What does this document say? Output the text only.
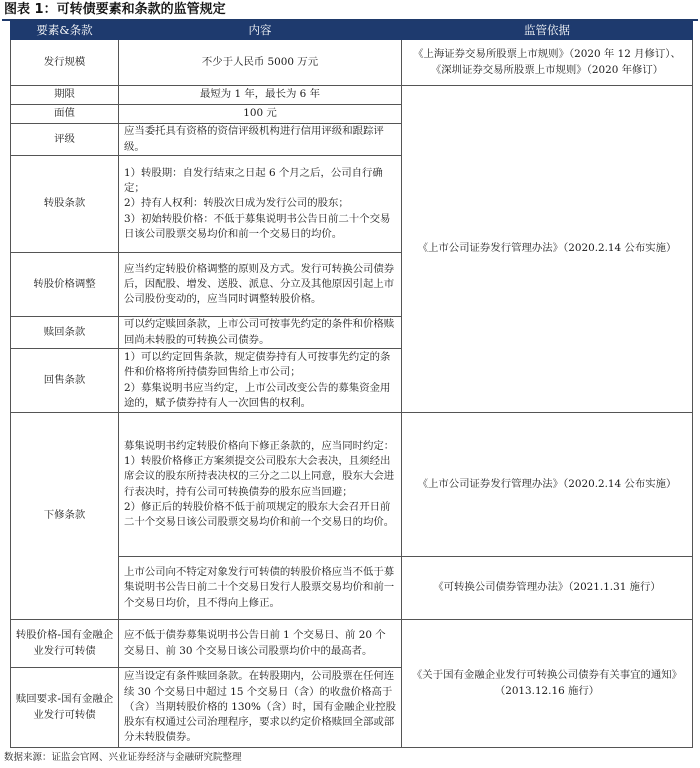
图表 1：可转债要素和条款的监管规定
要素&条款	内容	监管依据
发行规模	不少于人民币 5000 万元	《上海证券交易所股票上市规则》（2020 年 12 月修订）、《深圳证券交易所股票上市规则》（2020 年修订）
期限	最短为 1 年，最长为 6 年	《上市公司证券发行管理办法》（2020.2.14 公布实施）
面值	100 元	
评级	应当委托具有资格的资信评级机构进行信用评级和跟踪评级。	
转股条款	1）转股期：自发行结束之日起 6 个月之后，公司自行确定；
2）持有人权利：转股次日成为发行公司的股东；
3）初始转股价格：不低于募集说明书公告日前二十个交易日该公司股票交易均价和前一个交易日的均价。	
转股价格调整	应当约定转股价格调整的原则及方式。发行可转换公司债券后，因配股、增发、送股、派息、分立及其他原因引起上市公司股份变动的，应当同时调整转股价格。	
赎回条款	可以约定赎回条款，上市公司可按事先约定的条件和价格赎回尚未转股的可转换公司债券。	
回售条款	1）可以约定回售条款，规定债券持有人可按事先约定的条件和价格将所持债券回售给上市公司；
2）募集说明书应当约定，上市公司改变公告的募集资金用途的，赋予债券持有人一次回售的权利。	
下修条款	募集说明书约定转股价格向下修正条款的，应当同时约定：
1）转股价格修正方案须提交公司股东大会表决，且须经出席会议的股东所持表决权的三分之二以上同意，股东大会进行表决时，持有公司可转换债券的股东应当回避；
2）修正后的转股价格不低于前项规定的股东大会召开日前二十个交易日该公司股票交易均价和前一个交易日的均价。	《上市公司证券发行管理办法》（2020.2.14 公布实施）
	上市公司向不特定对象发行可转债的转股价格应当不低于募集说明书公告日前二十个交易日发行人股票交易均价和前一个交易日均价，且不得向上修正。	《可转换公司债券管理办法》（2021.1.31 施行）
转股价格-国有金融企业发行可转债	应不低于债券募集说明书公告日前 1 个交易日、前 20 个交易日、前 30 个交易日该公司股票均价中的最高者。	《关于国有金融企业发行可转换公司债券有关事宜的通知》（2013.12.16 施行）
赎回要求-国有金融企业发行可转债	应当设定有条件赎回条款。在转股期内，公司股票在任何连续 30 个交易日中超过 15 个交易日（含）的收盘价格高于（含）当期转股价格的 130%（含）时，国有金融企业控股股东有权通过公司治理程序，要求以约定价格赎回全部或部分未转股债券。	
数据来源：证监会官网、兴业证券经济与金融研究院整理
